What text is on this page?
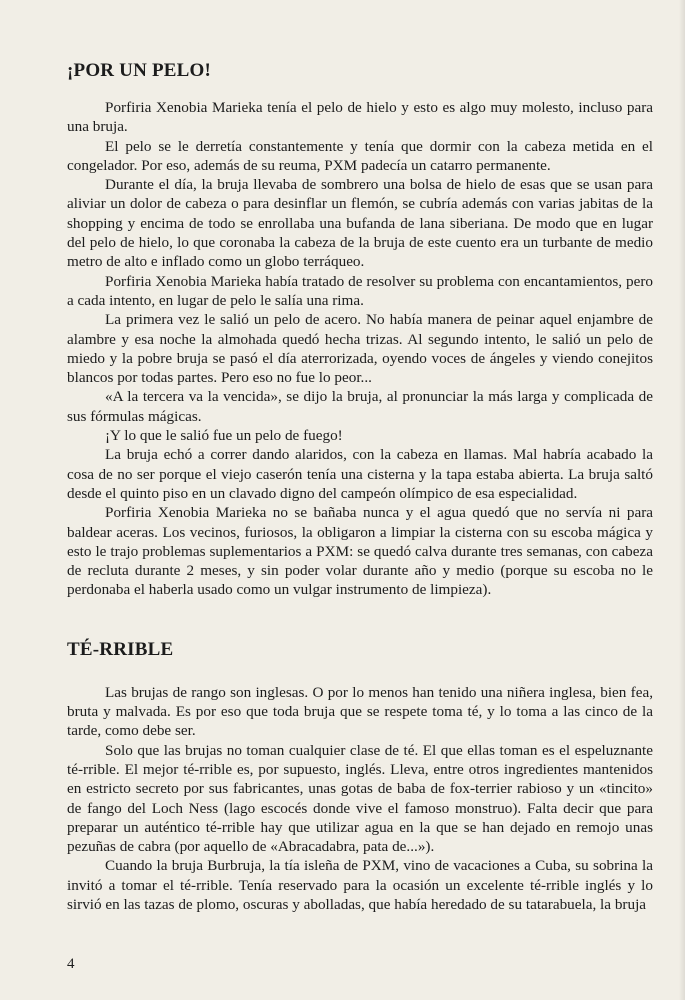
¡POR UN PELO!

Porfiria Xenobia Marieka tenía el pelo de hielo y esto es algo muy molesto, incluso para una bruja.

El pelo se le derretía constantemente y tenía que dormir con la cabeza metida en el congelador. Por eso, además de su reuma, PXM padecía un catarro permanente.

Durante el día, la bruja llevaba de sombrero una bolsa de hielo de esas que se usan para aliviar un dolor de cabeza o para desinflar un flemón, se cubría además con varias jabitas de la shopping y encima de todo se enrollaba una bufanda de lana siberiana. De modo que en lugar del pelo de hielo, lo que coronaba la cabeza de la bruja de este cuento era un turbante de medio metro de alto e inflado como un globo terráqueo.

Porfiria Xenobia Marieka había tratado de resolver su problema con encantamientos, pero a cada intento, en lugar de pelo le salía una rima.

La primera vez le salió un pelo de acero. No había manera de peinar aquel enjambre de alambre y esa noche la almohada quedó hecha trizas. Al segundo intento, le salió un pelo de miedo y la pobre bruja se pasó el día aterrorizada, oyendo voces de ángeles y viendo conejitos blancos por todas partes. Pero eso no fue lo peor...

«A la tercera va la vencida», se dijo la bruja, al pronunciar la más larga y complicada de sus fórmulas mágicas.

¡Y lo que le salió fue un pelo de fuego!

La bruja echó a correr dando alaridos, con la cabeza en llamas. Mal habría acabado la cosa de no ser porque el viejo caserón tenía una cisterna y la tapa estaba abierta. La bruja saltó desde el quinto piso en un clavado digno del campeón olímpico de esa especialidad.

Porfiria Xenobia Marieka no se bañaba nunca y el agua quedó que no servía ni para baldear aceras. Los vecinos, furiosos, la obligaron a limpiar la cisterna con su escoba mágica y esto le trajo problemas suplementarios a PXM: se quedó calva durante tres semanas, con cabeza de recluta durante 2 meses, y sin poder volar durante año y medio (porque su escoba no le perdonaba el haberla usado como un vulgar instrumento de limpieza).

TÉ-RRIBLE

Las brujas de rango son inglesas. O por lo menos han tenido una niñera inglesa, bien fea, bruta y malvada. Es por eso que toda bruja que se respete toma té, y lo toma a las cinco de la tarde, como debe ser.

Solo que las brujas no toman cualquier clase de té. El que ellas toman es el espeluznante té-rrible. El mejor té-rrible es, por supuesto, inglés. Lleva, entre otros ingredientes mantenidos en estricto secreto por sus fabricantes, unas gotas de baba de fox-terrier rabioso y un «tincito» de fango del Loch Ness (lago escocés donde vive el famoso monstruo). Falta decir que para preparar un auténtico té-rrible hay que utilizar agua en la que se han dejado en remojo unas pezuñas de cabra (por aquello de «Abracadabra, pata de...»).

Cuando la bruja Burbruja, la tía isleña de PXM, vino de vacaciones a Cuba, su sobrina la invitó a tomar el té-rrible. Tenía reservado para la ocasión un excelente té-rrible inglés y lo sirvió en las tazas de plomo, oscuras y abolladas, que había heredado de su tatarabuela, la bruja

4
